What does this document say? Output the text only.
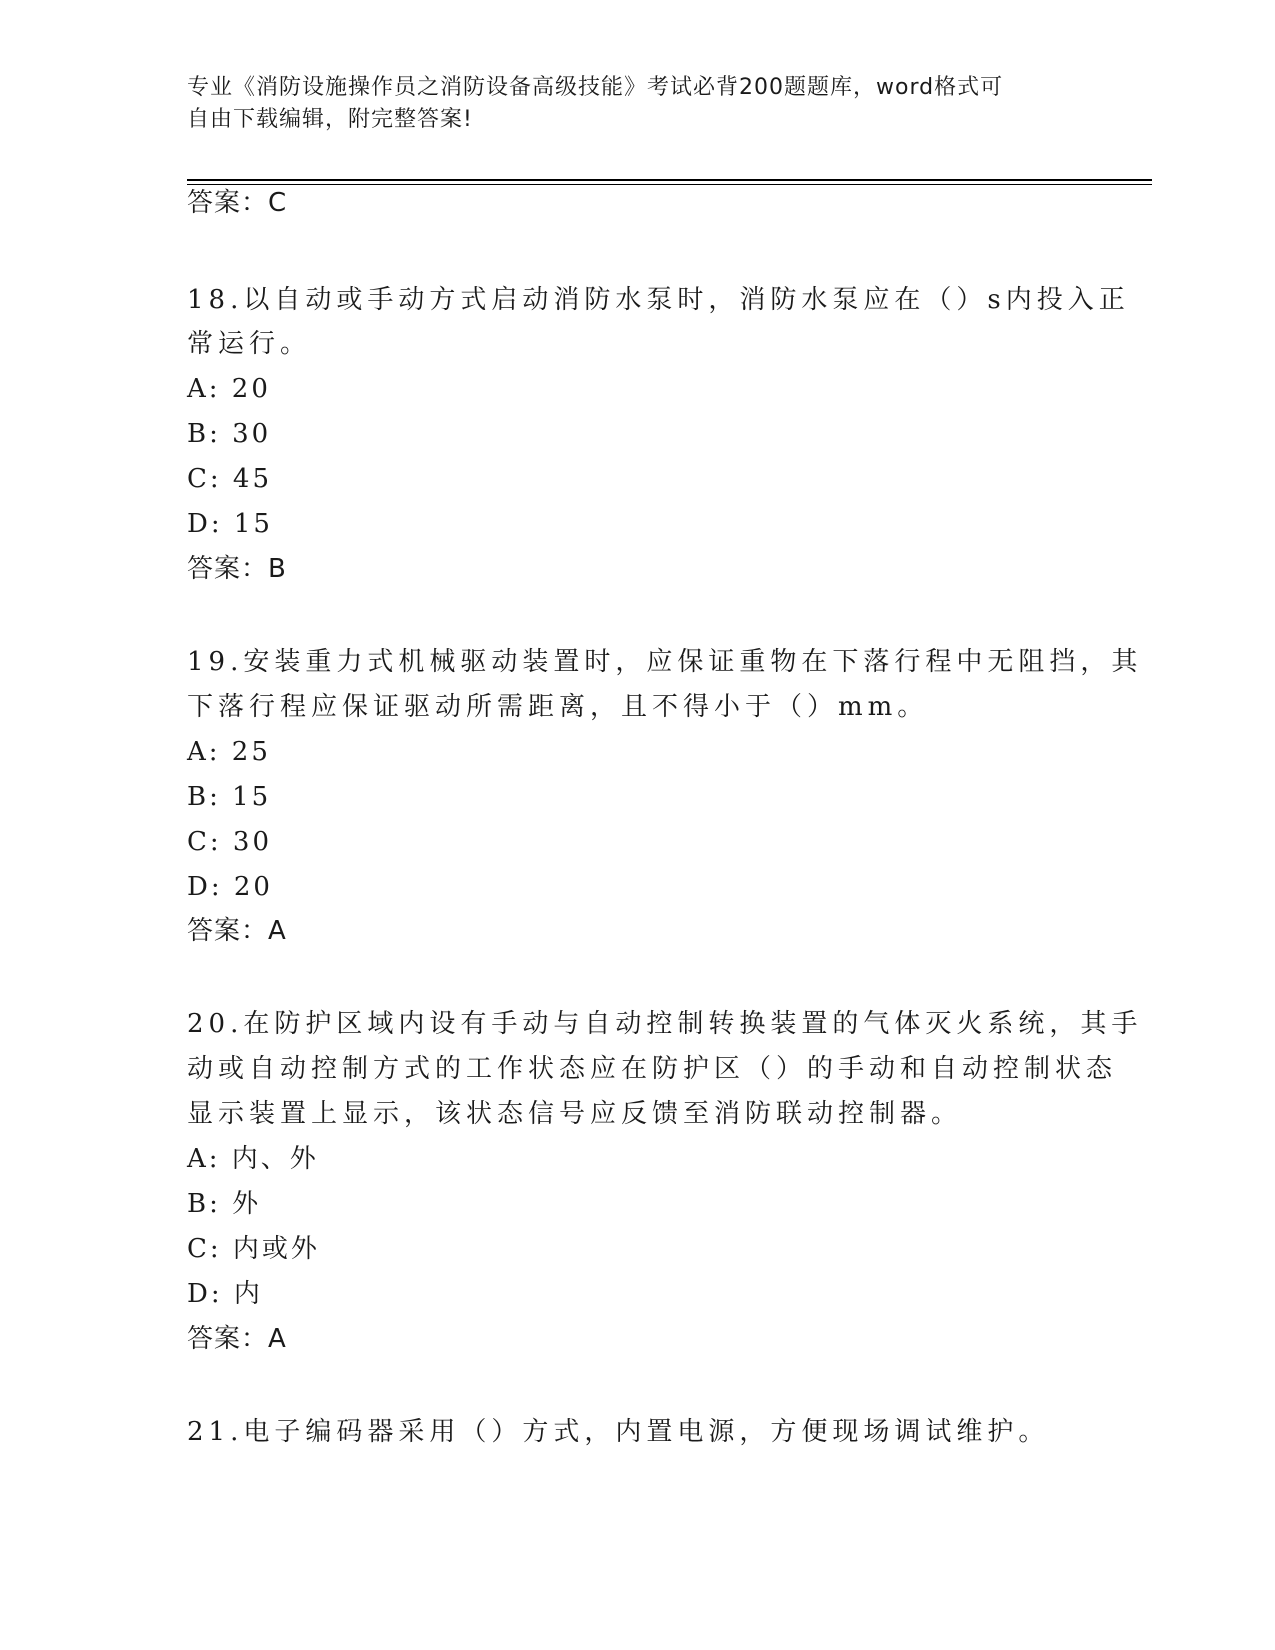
专业《消防设施操作员之消防设备高级技能》考试必背200题题库，word格式可
自由下载编辑，附完整答案!
答案：C
18.以自动或手动方式启动消防水泵时，消防水泵应在（）s内投入正
常运行。
A: 20
B: 30
C: 45
D: 15
答案：B
19.安装重力式机械驱动装置时，应保证重物在下落行程中无阻挡，其
下落行程应保证驱动所需距离，且不得小于（）mm。
A: 25
B: 15
C: 30
D: 20
答案：A
20.在防护区域内设有手动与自动控制转换装置的气体灭火系统，其手
动或自动控制方式的工作状态应在防护区（）的手动和自动控制状态
显示装置上显示，该状态信号应反馈至消防联动控制器。
A: 内、外
B: 外
C: 内或外
D: 内
答案：A
21.电子编码器采用（）方式，内置电源，方便现场调试维护。
